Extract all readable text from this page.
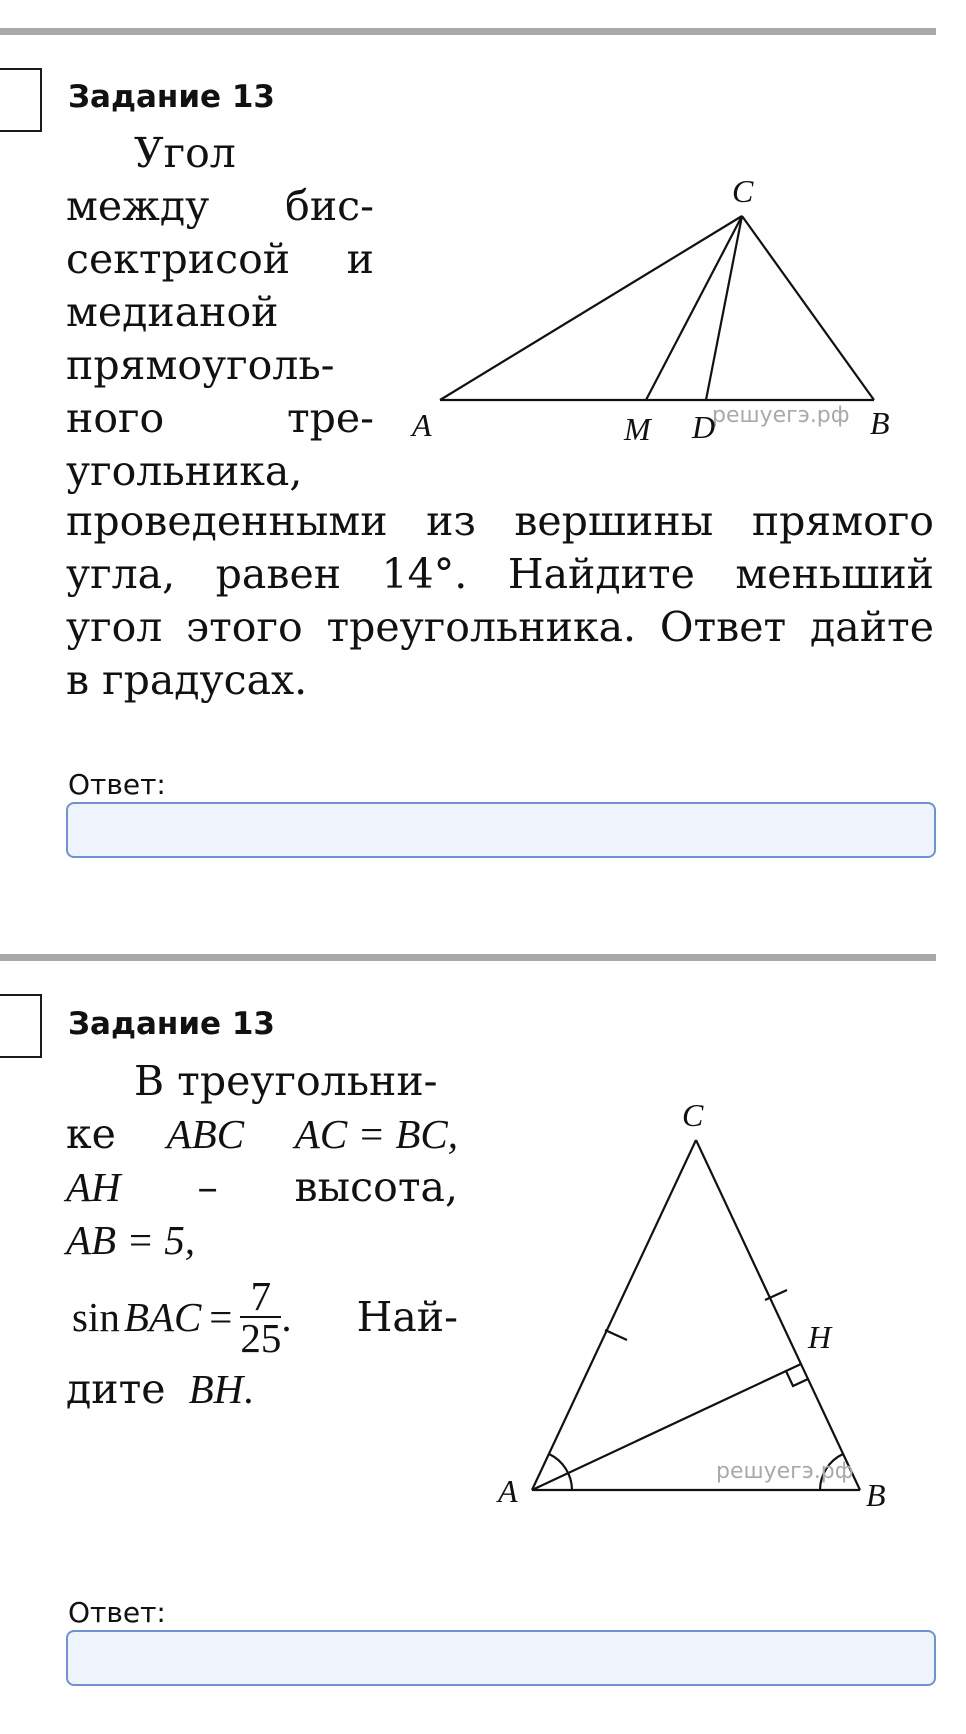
Задание 13
Угол
между бис-
сектрисой и
медианой
прямоуголь-
ного тре-
угольника,
решуегэ.рф
C
A	M D	B
проведенными из вершины прямого
угла, равен 14°. Найдите меньший
угол этого треугольника. Ответ дайте
в градусах.
Ответ:
Задание 13
В треугольни-
ке ABC AC = BC,
AH – высота,
AB = 5,
sin BAC = $\frac{7}{25}$ . Най-
дите BH.
решуегэ.рф
C
H
A	B
Ответ:
